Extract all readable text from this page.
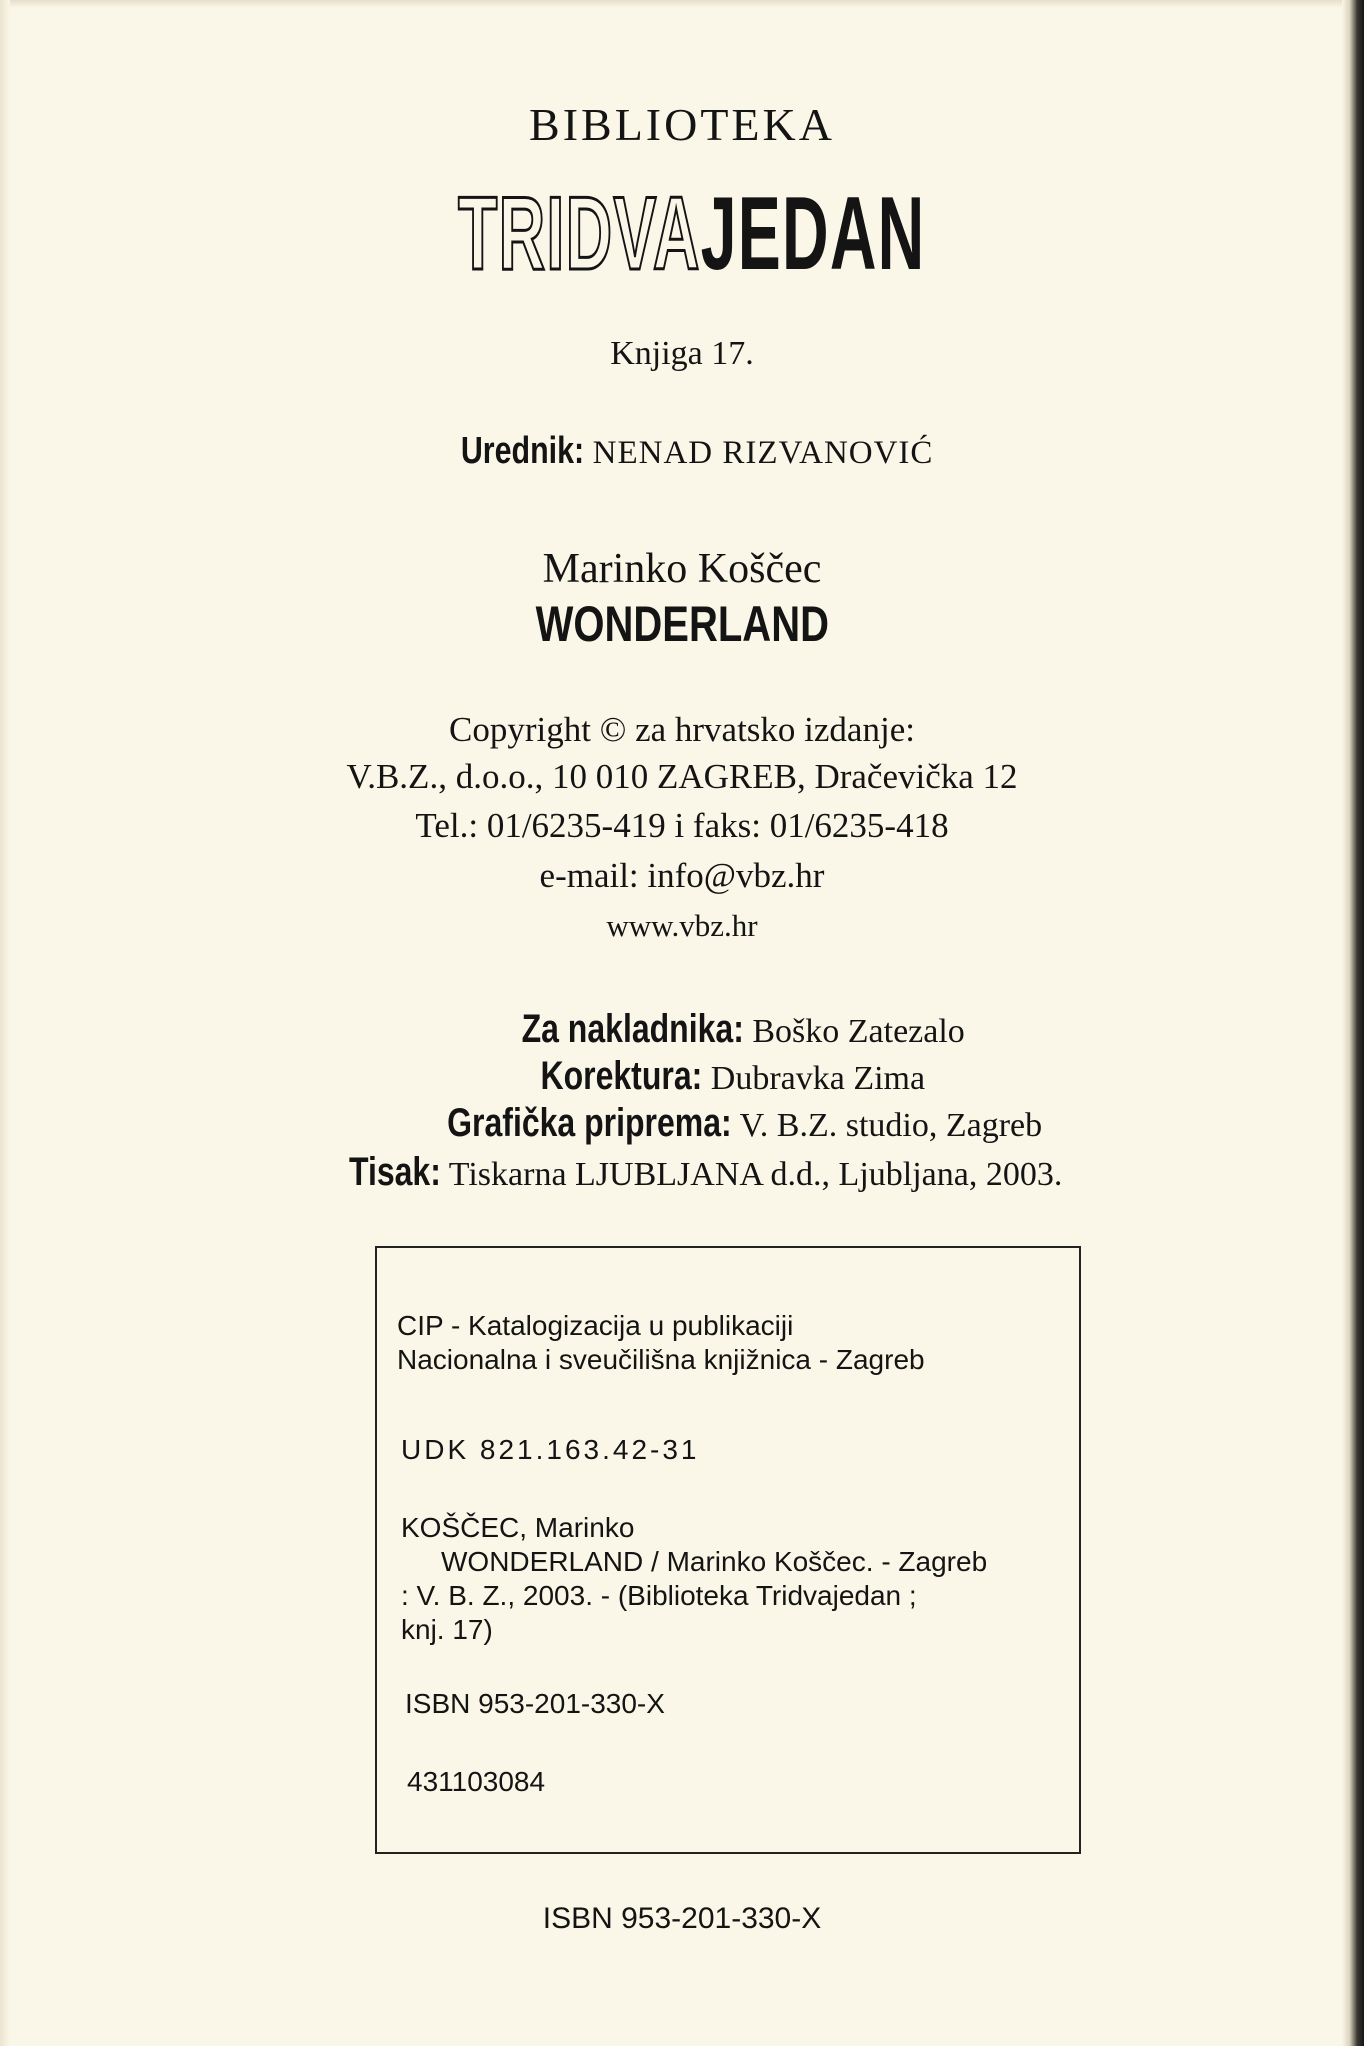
BIBLIOTEKA
TRIDVAJEDAN
Knjiga 17.
Urednik: NENAD RIZVANOVIĆ
Marinko Koščec
WONDERLAND
Copyright © za hrvatsko izdanje:
V.B.Z., d.o.o., 10 010 ZAGREB, Dračevička 12
Tel.: 01/6235-419 i faks: 01/6235-418
e-mail: info@vbz.hr
www.vbz.hr
Za nakladnika: Boško Zatezalo
Korektura: Dubravka Zima
Grafička priprema: V. B.Z. studio, Zagreb
Tisak: Tiskarna LJUBLJANA d.d., Ljubljana, 2003.
CIP - Katalogizacija u publikaciji
Nacionalna i sveučilišna knjižnica - Zagreb
UDK 821.163.42-31
KOŠČEC, Marinko
WONDERLAND / Marinko Koščec. - Zagreb
: V. B. Z., 2003. - (Biblioteka Tridvajedan ;
knj. 17)
ISBN 953-201-330-X
431103084
ISBN 953-201-330-X
